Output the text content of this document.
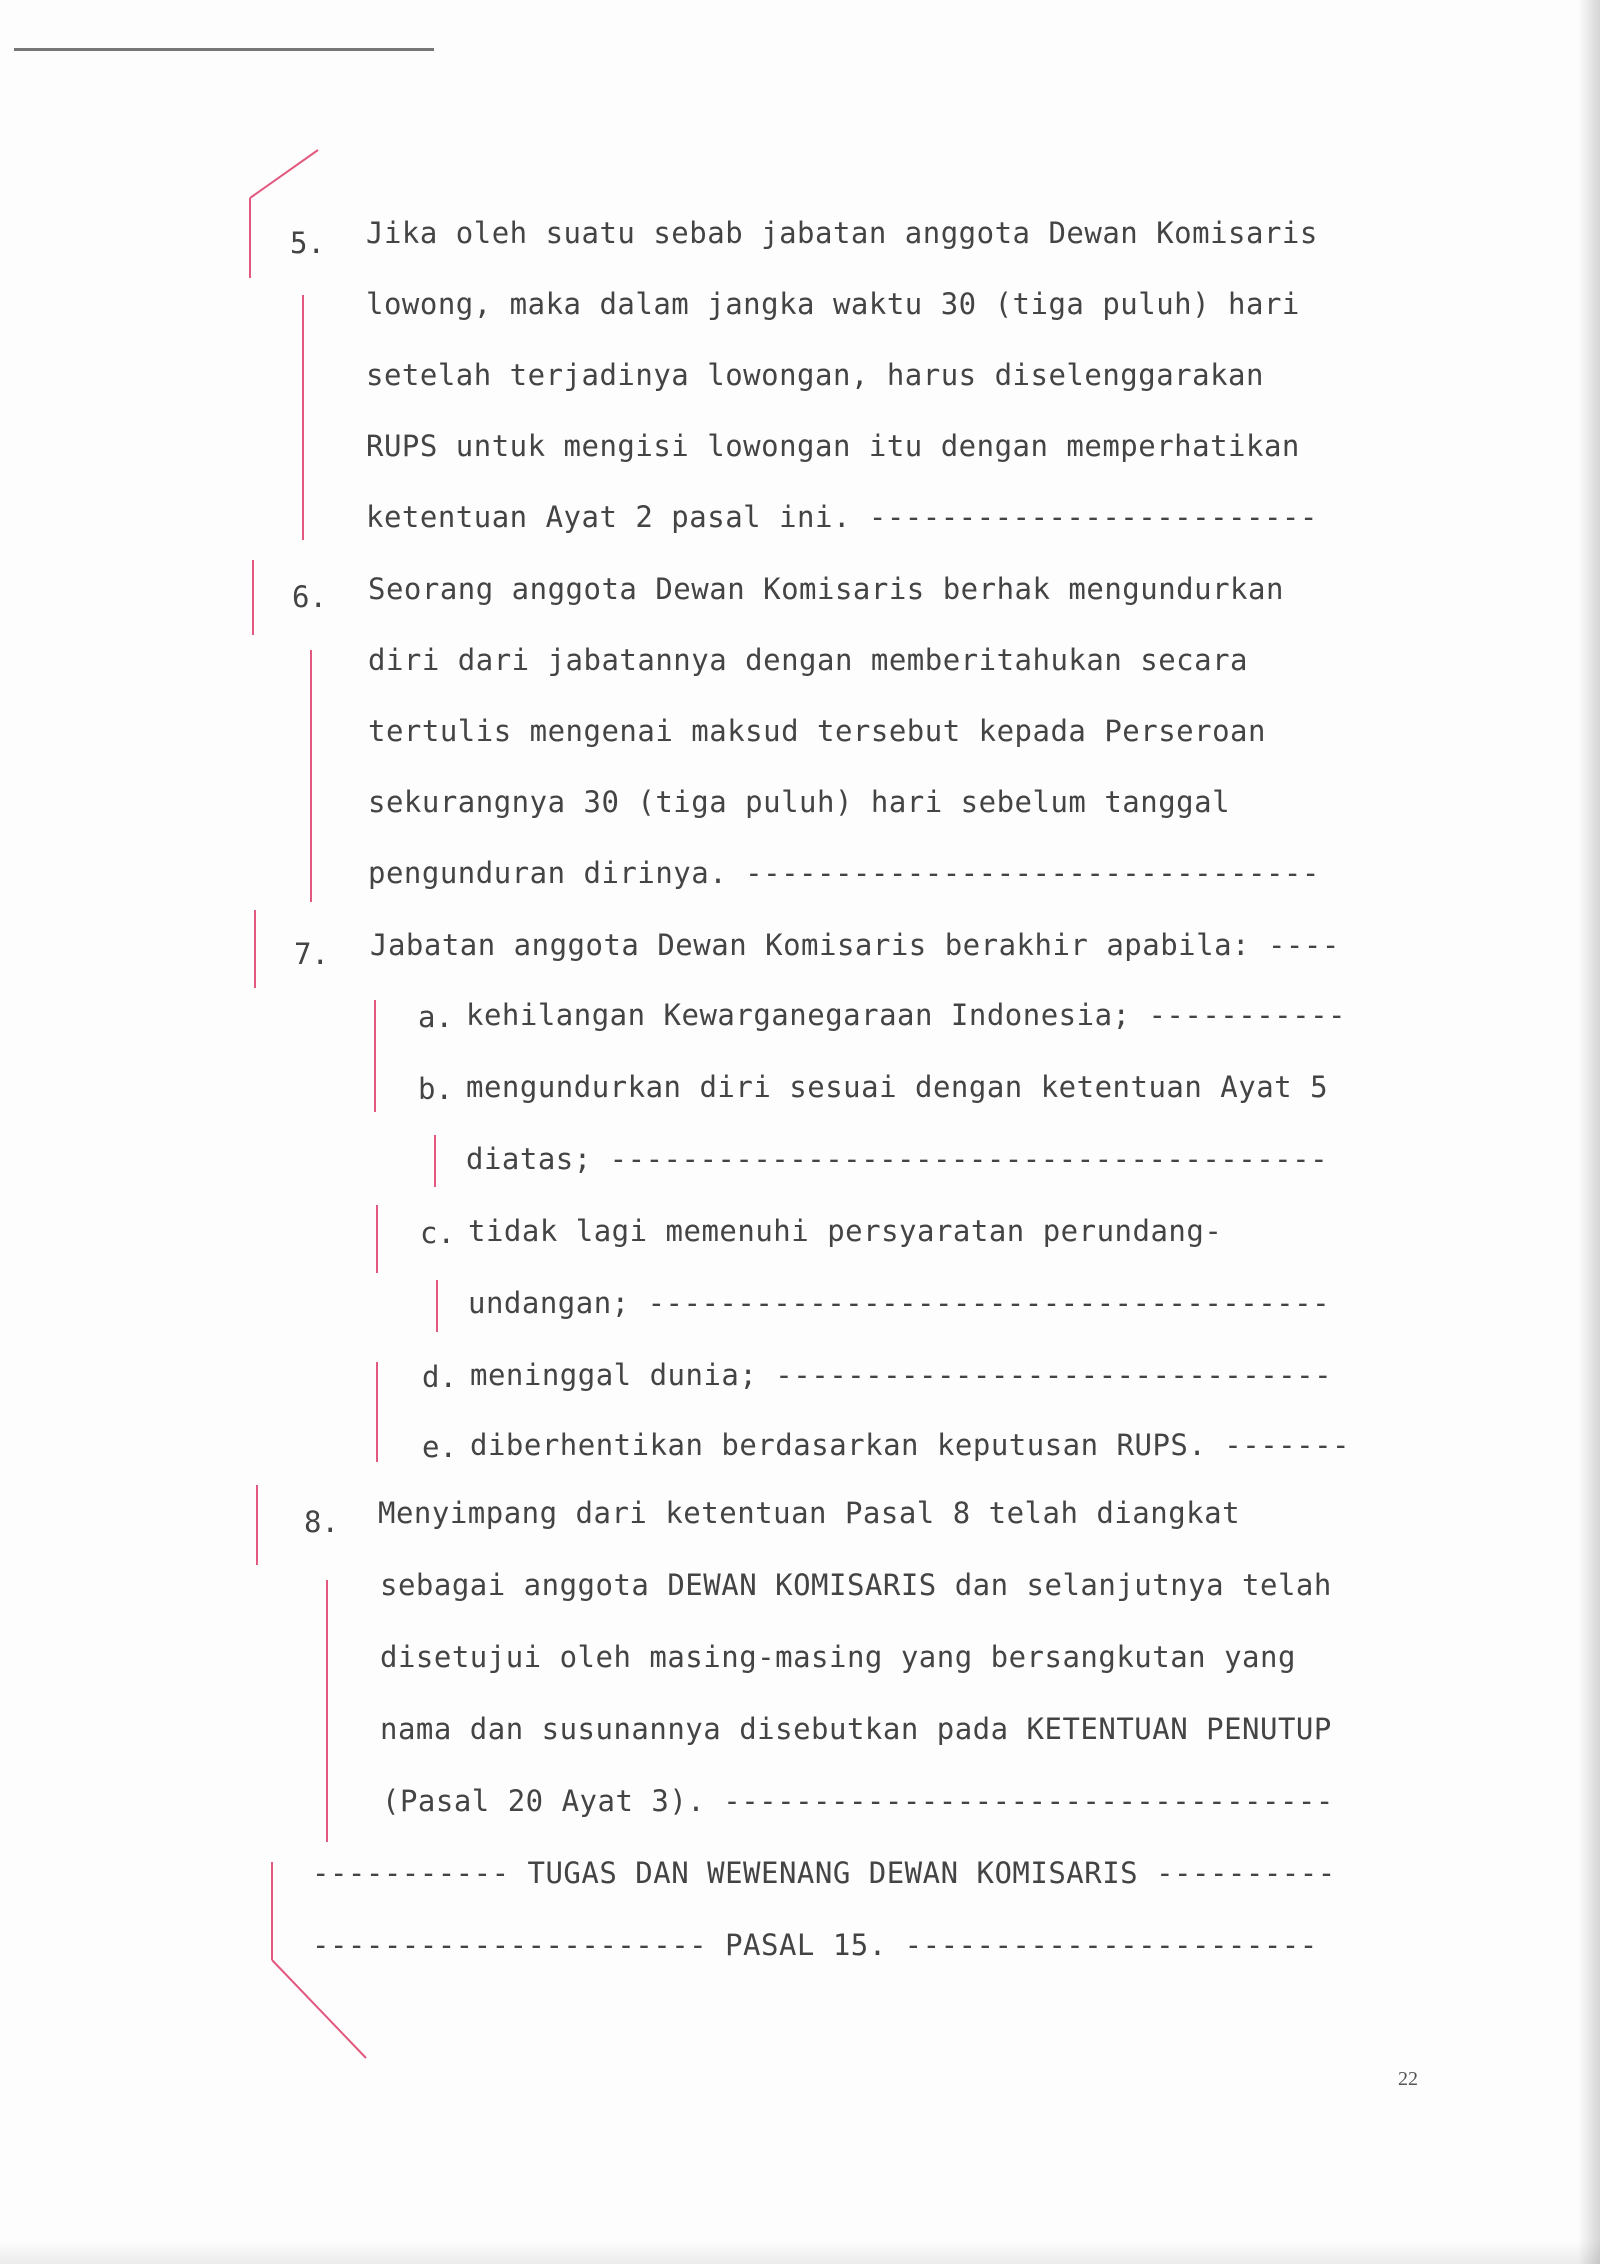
5. Jika oleh suatu sebab jabatan anggota Dewan Komisaris
lowong, maka dalam jangka waktu 30 (tiga puluh) hari
setelah terjadinya lowongan, harus diselenggarakan
RUPS untuk mengisi lowongan itu dengan memperhatikan
ketentuan Ayat 2 pasal ini. -------------------------
6. Seorang anggota Dewan Komisaris berhak mengundurkan
diri dari jabatannya dengan memberitahukan secara
tertulis mengenai maksud tersebut kepada Perseroan
sekurangnya 30 (tiga puluh) hari sebelum tanggal
pengunduran dirinya. --------------------------------
7. Jabatan anggota Dewan Komisaris berakhir apabila: ----
a. kehilangan Kewarganegaraan Indonesia; -----------
b. mengundurkan diri sesuai dengan ketentuan Ayat 5
diatas; ----------------------------------------
c. tidak lagi memenuhi persyaratan perundang-
undangan; --------------------------------------
d. meninggal dunia; -------------------------------
e. diberhentikan berdasarkan keputusan RUPS. -------
8. Menyimpang dari ketentuan Pasal 8 telah diangkat
sebagai anggota DEWAN KOMISARIS dan selanjutnya telah
disetujui oleh masing-masing yang bersangkutan yang
nama dan susunannya disebutkan pada KETENTUAN PENUTUP
(Pasal 20 Ayat 3). ----------------------------------
----------- TUGAS DAN WEWENANG DEWAN KOMISARIS ----------
---------------------- PASAL 15. -----------------------
22
